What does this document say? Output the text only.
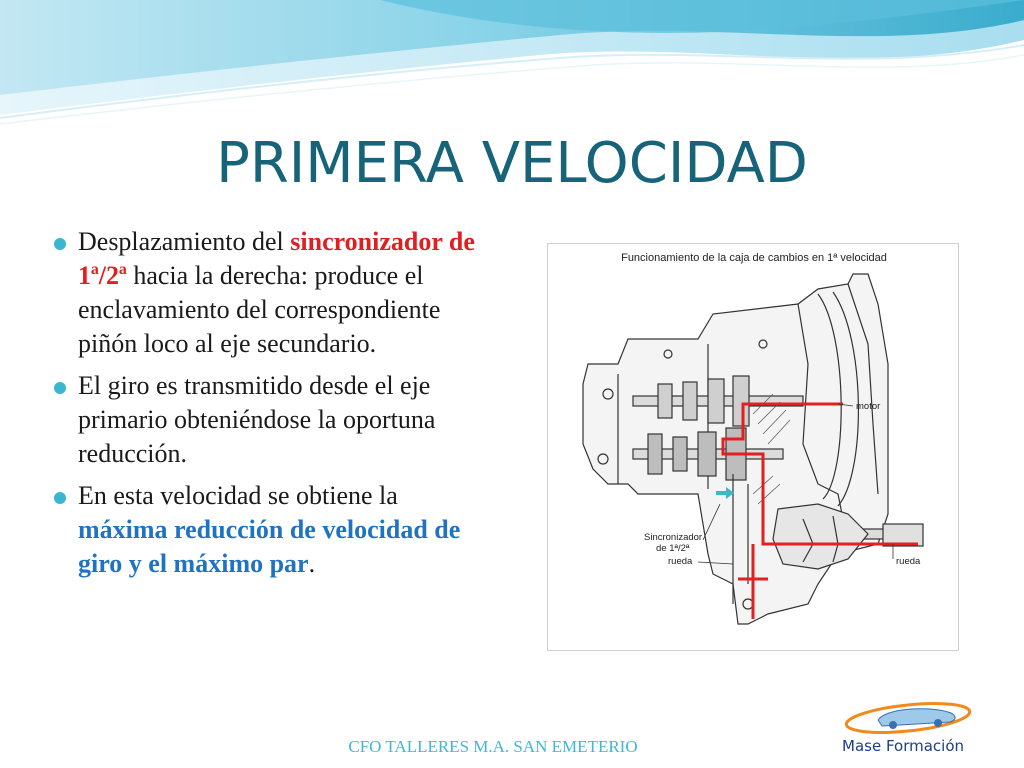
PRIMERA VELOCIDAD
Desplazamiento del sincronizador de 1ª/2ª hacia la derecha: produce el enclavamiento del correspondiente piñón loco al eje secundario.
El giro es transmitido desde el eje primario obteniéndose la oportuna reducción.
En esta velocidad se obtiene la máxima reducción de velocidad de giro y el máximo par.
Funcionamiento de la caja de cambios en 1ª velocidad
motor
Sincronizador
de 1ª/2ª
rueda	rueda
CFO TALLERES M.A. SAN EMETERIO	Mase Formación
